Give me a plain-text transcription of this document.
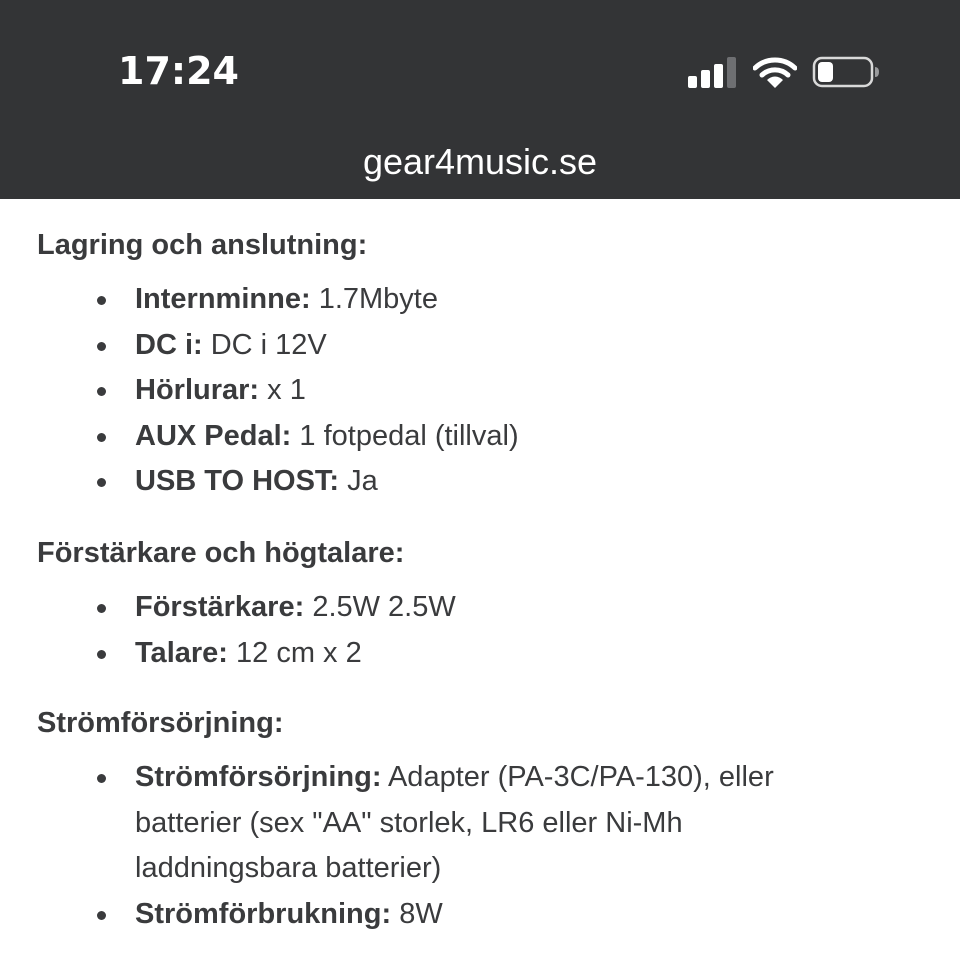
17:24
gear4music.se
Lagring och anslutning:
Internminne: 1.7Mbyte
DC i: DC i 12V
Hörlurar: x 1
AUX Pedal: 1 fotpedal (tillval)
USB TO HOST: Ja
Förstärkare och högtalare:
Förstärkare: 2.5W 2.5W
Talare: 12 cm x 2
Strömförsörjning:
Strömförsörjning: Adapter (PA-3C/PA-130), eller batterier (sex "AA" storlek, LR6 eller Ni-Mh laddningsbara batterier)
Strömförbrukning: 8W
